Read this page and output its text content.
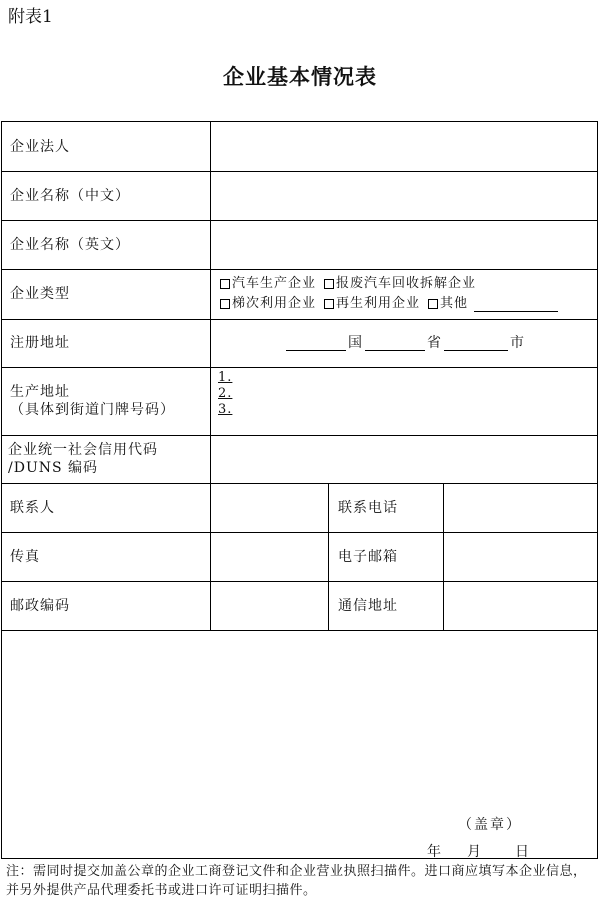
附表1
企业基本情况表
企业法人
企业名称（中文）
企业名称（英文）
企业类型
注册地址
生产地址
（具体到街道门牌号码）
企业统一社会信用代码
/DUNS 编码
联系人
传真
邮政编码
联系电话
电子邮箱
通信地址
汽车生产企业 报废汽车回收拆解企业
梯次利用企业 再生利用企业 其他
国	省	市
1.
2.
3.
（盖章）
年 月 日
注：需同时提交加盖公章的企业工商登记文件和企业营业执照扫描件。进口商应填写本企业信息，并另外提供产品代理委托书或进口许可证明扫描件。
